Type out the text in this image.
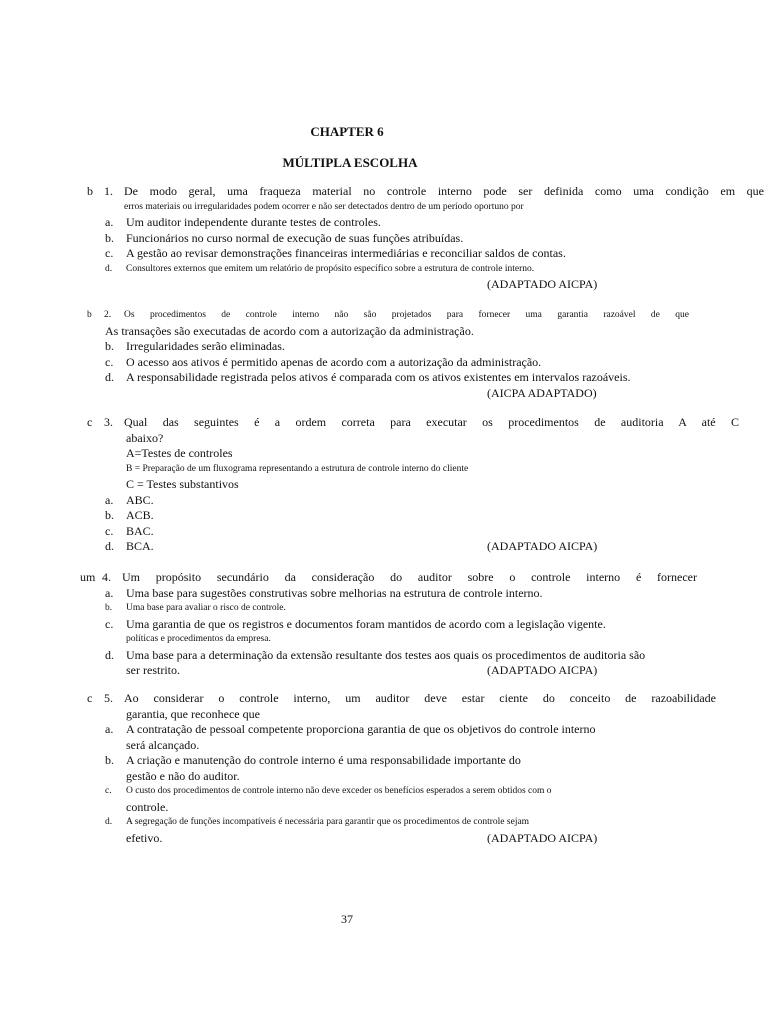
CHAPTER 6
MÚLTIPLA ESCOLHA
b 1. De modo geral, uma fraqueza material no controle interno pode ser definida como uma condição em que
erros materiais ou irregularidades podem ocorrer e não ser detectados dentro de um período oportuno por
a. Um auditor independente durante testes de controles.
b. Funcionários no curso normal de execução de suas funções atribuídas.
c. A gestão ao revisar demonstrações financeiras intermediárias e reconciliar saldos de contas.
d. Consultores externos que emitem um relatório de propósito específico sobre a estrutura de controle interno.
(ADAPTADO AICPA)
b 2. Os procedimentos de controle interno não são projetados para fornecer uma garantia razoável de que
As transações são executadas de acordo com a autorização da administração.
b. Irregularidades serão eliminadas.
c. O acesso aos ativos é permitido apenas de acordo com a autorização da administração.
d. A responsabilidade registrada pelos ativos é comparada com os ativos existentes em intervalos razoáveis.
(AICPA ADAPTADO)
c 3. Qual das seguintes é a ordem correta para executar os procedimentos de auditoria A até C
abaixo?
A=Testes de controles
B = Preparação de um fluxograma representando a estrutura de controle interno do cliente
C = Testes substantivos
a. ABC.
b. ACB.
c. BAC.
d. BCA.	(ADAPTADO AICPA)
um 4. Um propósito secundário da consideração do auditor sobre o controle interno é fornecer
a. Uma base para sugestões construtivas sobre melhorias na estrutura de controle interno.
b. Uma base para avaliar o risco de controle.
c. Uma garantia de que os registros e documentos foram mantidos de acordo com a legislação vigente.
políticas e procedimentos da empresa.
d. Uma base para a determinação da extensão resultante dos testes aos quais os procedimentos de auditoria são
ser restrito.	(ADAPTADO AICPA)
c 5. Ao considerar o controle interno, um auditor deve estar ciente do conceito de razoabilidade
garantia, que reconhece que
a. A contratação de pessoal competente proporciona garantia de que os objetivos do controle interno
será alcançado.
b. A criação e manutenção do controle interno é uma responsabilidade importante do
gestão e não do auditor.
c. O custo dos procedimentos de controle interno não deve exceder os benefícios esperados a serem obtidos com o
controle.
d. A segregação de funções incompatíveis é necessária para garantir que os procedimentos de controle sejam
efetivo.	(ADAPTADO AICPA)
37
